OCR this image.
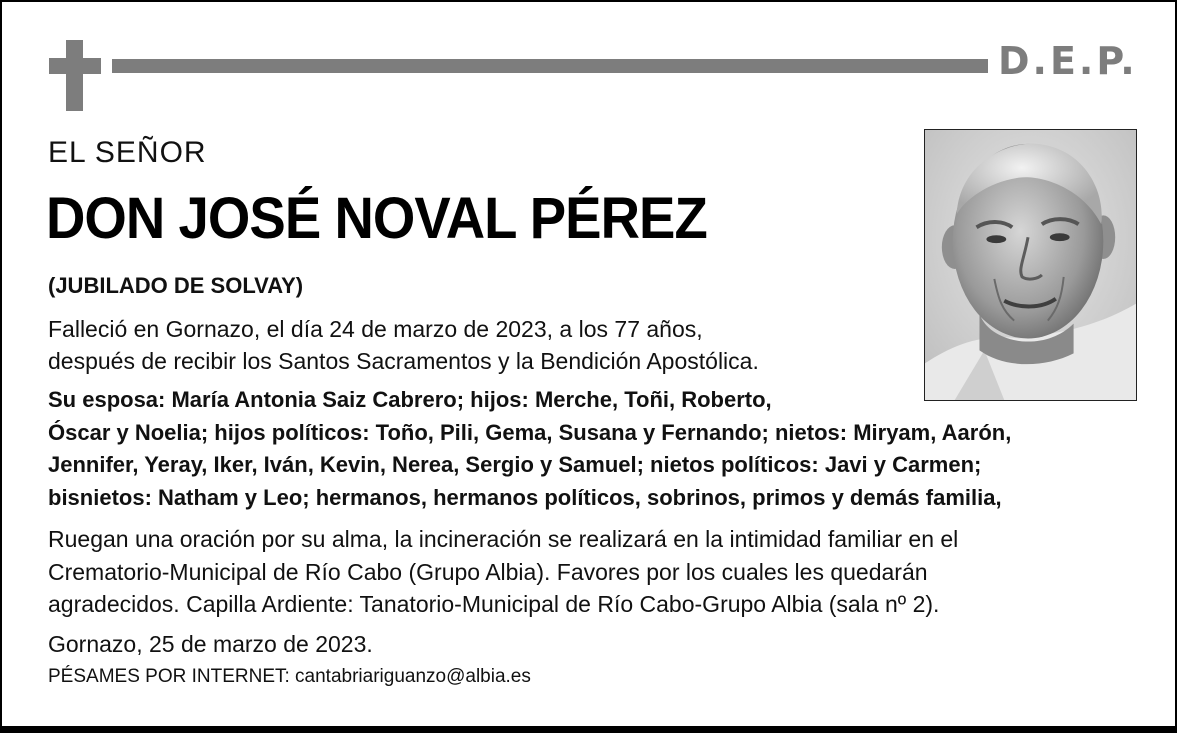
D.E.P.
EL SEÑOR
DON JOSÉ NOVAL PÉREZ
(JUBILADO DE SOLVAY)
Falleció en Gornazo, el día 24 de marzo de 2023, a los 77 años,
después de recibir los Santos Sacramentos y la Bendición Apostólica.
Su esposa: María Antonia Saiz Cabrero; hijos: Merche, Toñi, Roberto,
Óscar y Noelia; hijos políticos: Toño, Pili, Gema, Susana y Fernando; nietos: Miryam, Aarón,
Jennifer, Yeray, Iker, Iván, Kevin, Nerea, Sergio y Samuel; nietos políticos: Javi y Carmen;
bisnietos: Natham y Leo; hermanos, hermanos políticos, sobrinos, primos y demás familia,
Ruegan una oración por su alma, la incineración se realizará en la intimidad familiar en el
Crematorio-Municipal de Río Cabo (Grupo Albia). Favores por los cuales les quedarán
agradecidos. Capilla Ardiente: Tanatorio-Municipal de Río Cabo-Grupo Albia (sala nº 2).
Gornazo, 25 de marzo de 2023.
PÉSAMES POR INTERNET: cantabriariguanzo@albia.es
